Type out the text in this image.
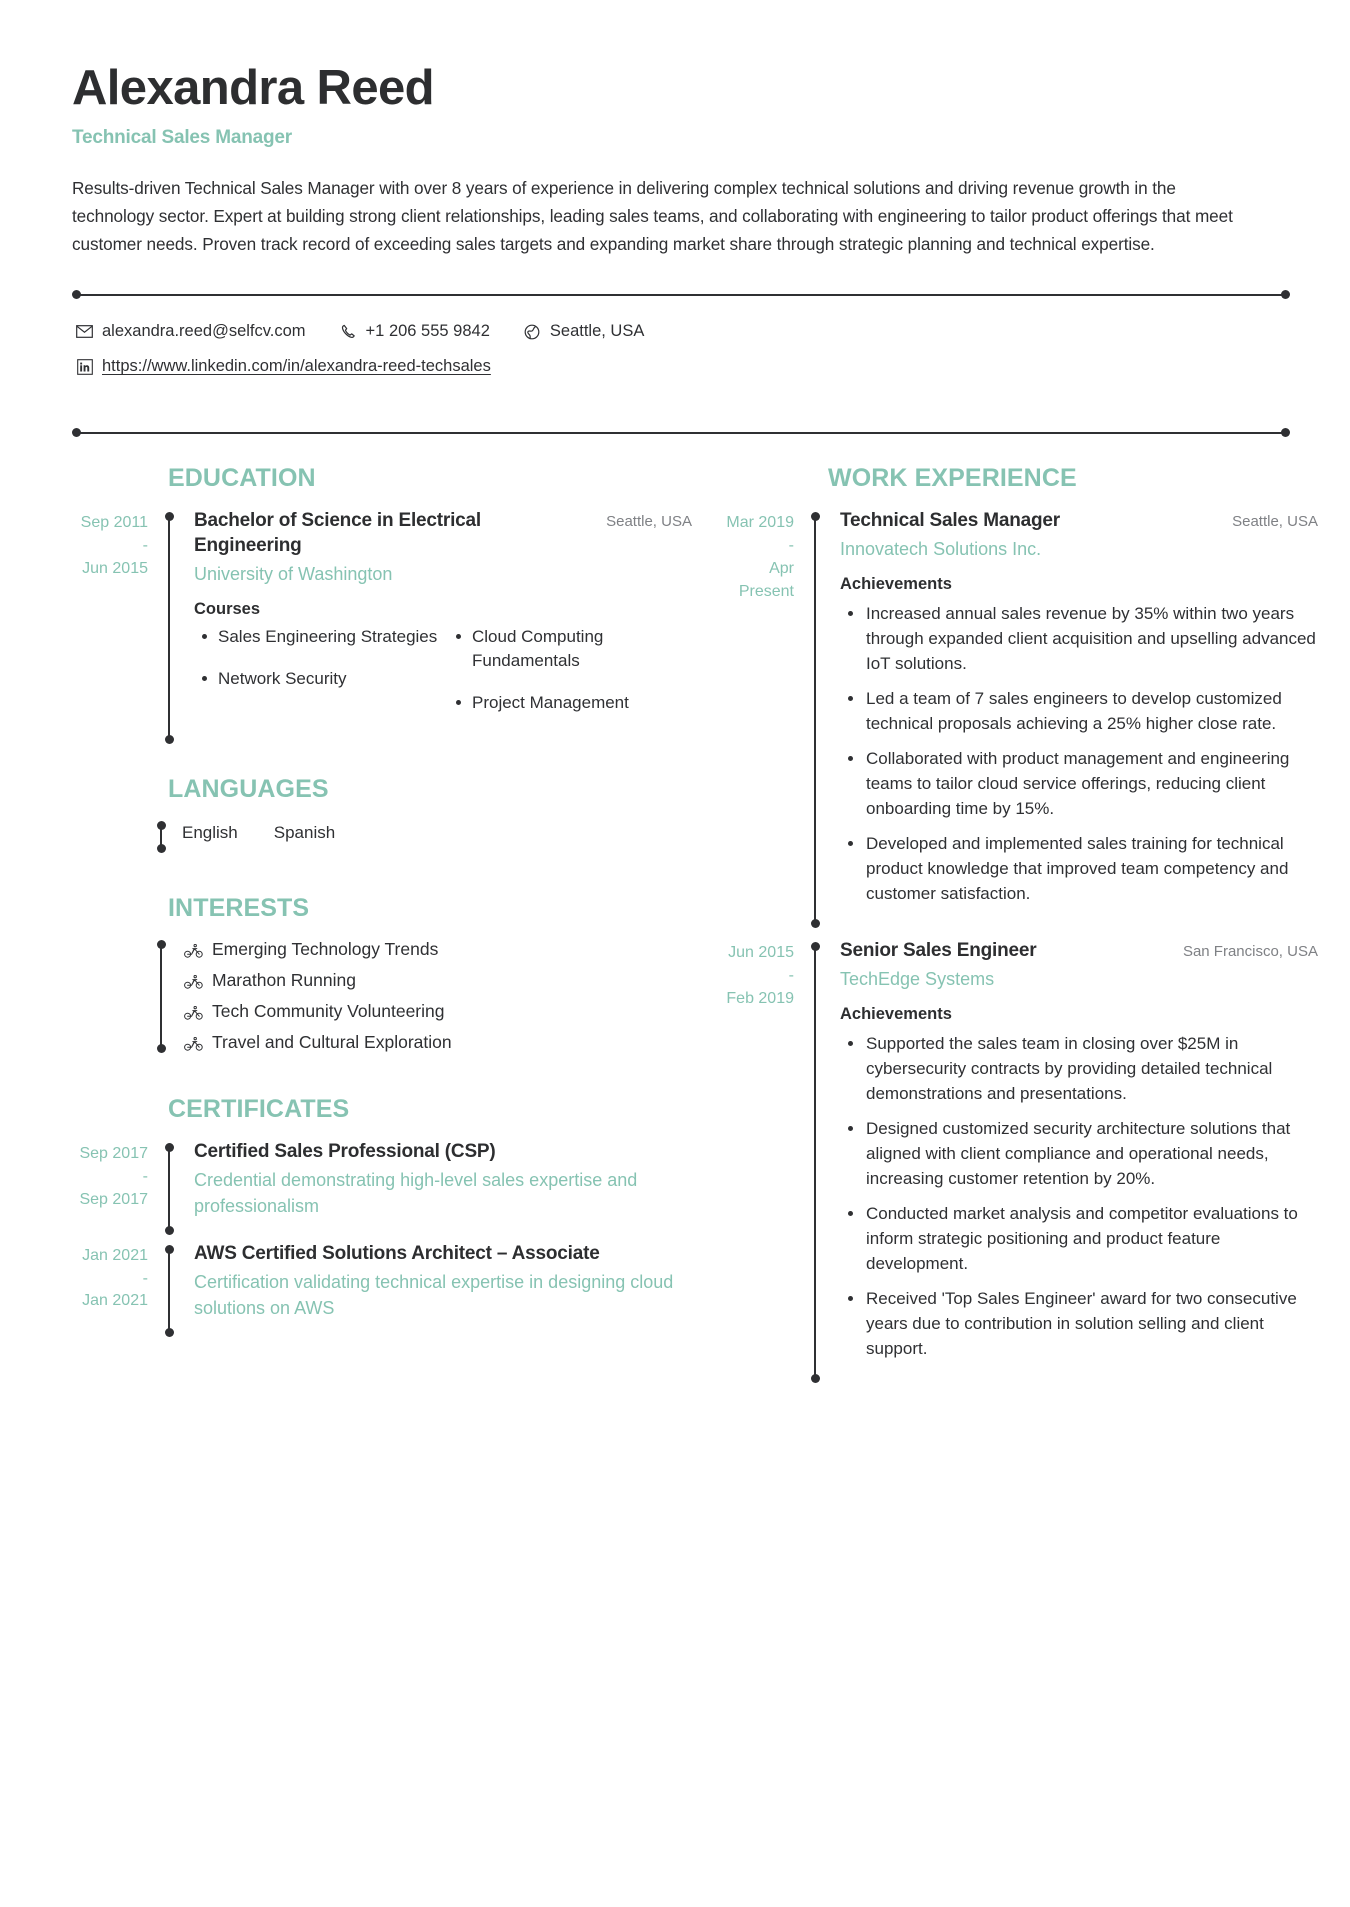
Alexandra Reed
Technical Sales Manager
Results-driven Technical Sales Manager with over 8 years of experience in delivering complex technical solutions and driving revenue growth in the technology sector. Expert at building strong client relationships, leading sales teams, and collaborating with engineering to tailor product offerings that meet customer needs. Proven track record of exceeding sales targets and expanding market share through strategic planning and technical expertise.
alexandra.reed@selfcv.com	+1 206 555 9842	Seattle, USA
https://www.linkedin.com/in/alexandra-reed-techsales
EDUCATION
Sep 2011
-
Jun 2015
Bachelor of Science in Electrical Engineering
Seattle, USA
University of Washington
Courses
Sales Engineering Strategies
Network Security
Cloud Computing Fundamentals
Project Management
LANGUAGES
English Spanish
INTERESTS
Emerging Technology Trends
Marathon Running
Tech Community Volunteering
Travel and Cultural Exploration
CERTIFICATES
Sep 2017
-
Sep 2017
Certified Sales Professional (CSP)
Credential demonstrating high-level sales expertise and professionalism
Jan 2021
-
Jan 2021
AWS Certified Solutions Architect – Associate
Certification validating technical expertise in designing cloud solutions on AWS
WORK EXPERIENCE
Mar 2019
-
Apr
Present
Technical Sales Manager	Seattle, USA
Innovatech Solutions Inc.
Achievements
Increased annual sales revenue by 35% within two years through expanded client acquisition and upselling advanced IoT solutions.
Led a team of 7 sales engineers to develop customized technical proposals achieving a 25% higher close rate.
Collaborated with product management and engineering teams to tailor cloud service offerings, reducing client onboarding time by 15%.
Developed and implemented sales training for technical product knowledge that improved team competency and customer satisfaction.
Jun 2015
-
Feb 2019
Senior Sales Engineer	San Francisco, USA
TechEdge Systems
Achievements
Supported the sales team in closing over $25M in cybersecurity contracts by providing detailed technical demonstrations and presentations.
Designed customized security architecture solutions that aligned with client compliance and operational needs, increasing customer retention by 20%.
Conducted market analysis and competitor evaluations to inform strategic positioning and product feature development.
Received 'Top Sales Engineer' award for two consecutive years due to contribution in solution selling and client support.
